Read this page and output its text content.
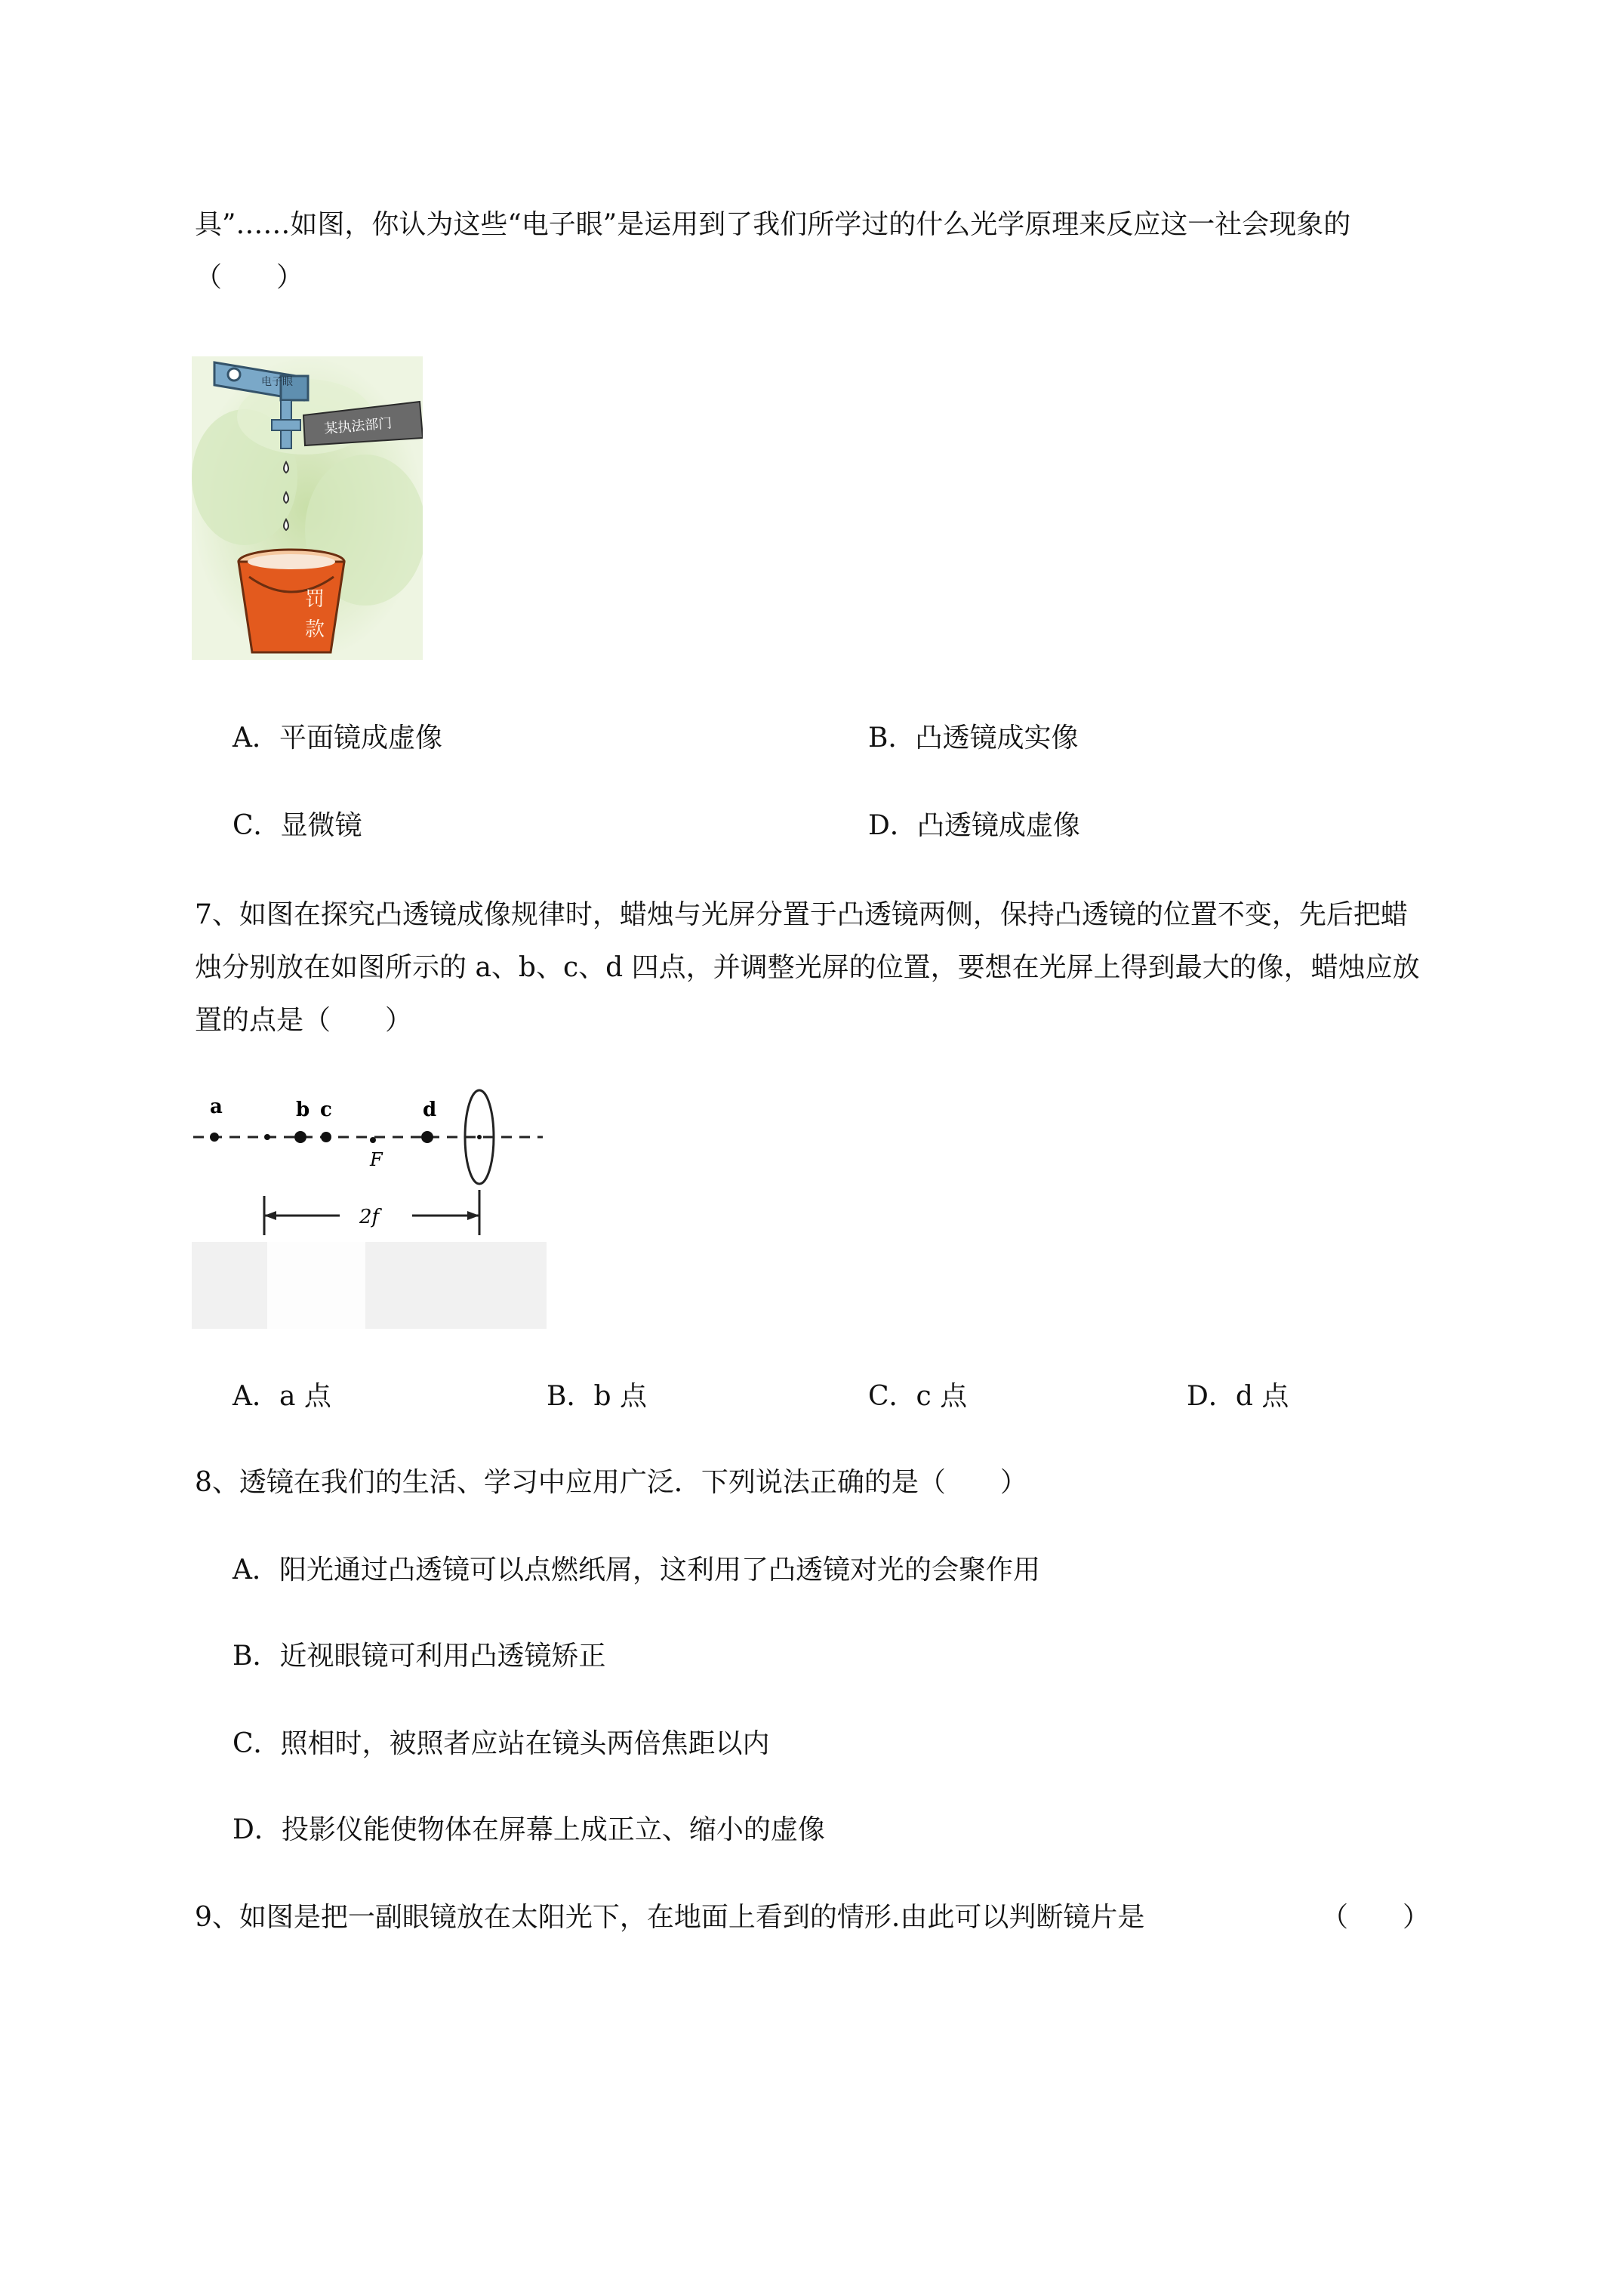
具”……如图，你认为这些“电子眼”是运用到了我们所学过的什么光学原理来反应这一社会现象的
（　　）
电子眼
某执法部门
罚
款
A．平面镜成虚像	B．凸透镜成实像
C．显微镜	D．凸透镜成虚像
7、如图在探究凸透镜成像规律时，蜡烛与光屏分置于凸透镜两侧，保持凸透镜的位置不变，先后把蜡
烛分别放在如图所示的 a、b、c、d 四点，并调整光屏的位置，要想在光屏上得到最大的像，蜡烛应放
置的点是（　　）
a	b c	d
F
2f
A．a 点	B．b 点	C．c 点	D．d 点
8、透镜在我们的生活、学习中应用广泛．下列说法正确的是（　　）
A．阳光通过凸透镜可以点燃纸屑，这利用了凸透镜对光的会聚作用
B．近视眼镜可利用凸透镜矫正
C．照相时，被照者应站在镜头两倍焦距以内
D．投影仪能使物体在屏幕上成正立、缩小的虚像
9、如图是把一副眼镜放在太阳光下，在地面上看到的情形.由此可以判断镜片是	（　　）
